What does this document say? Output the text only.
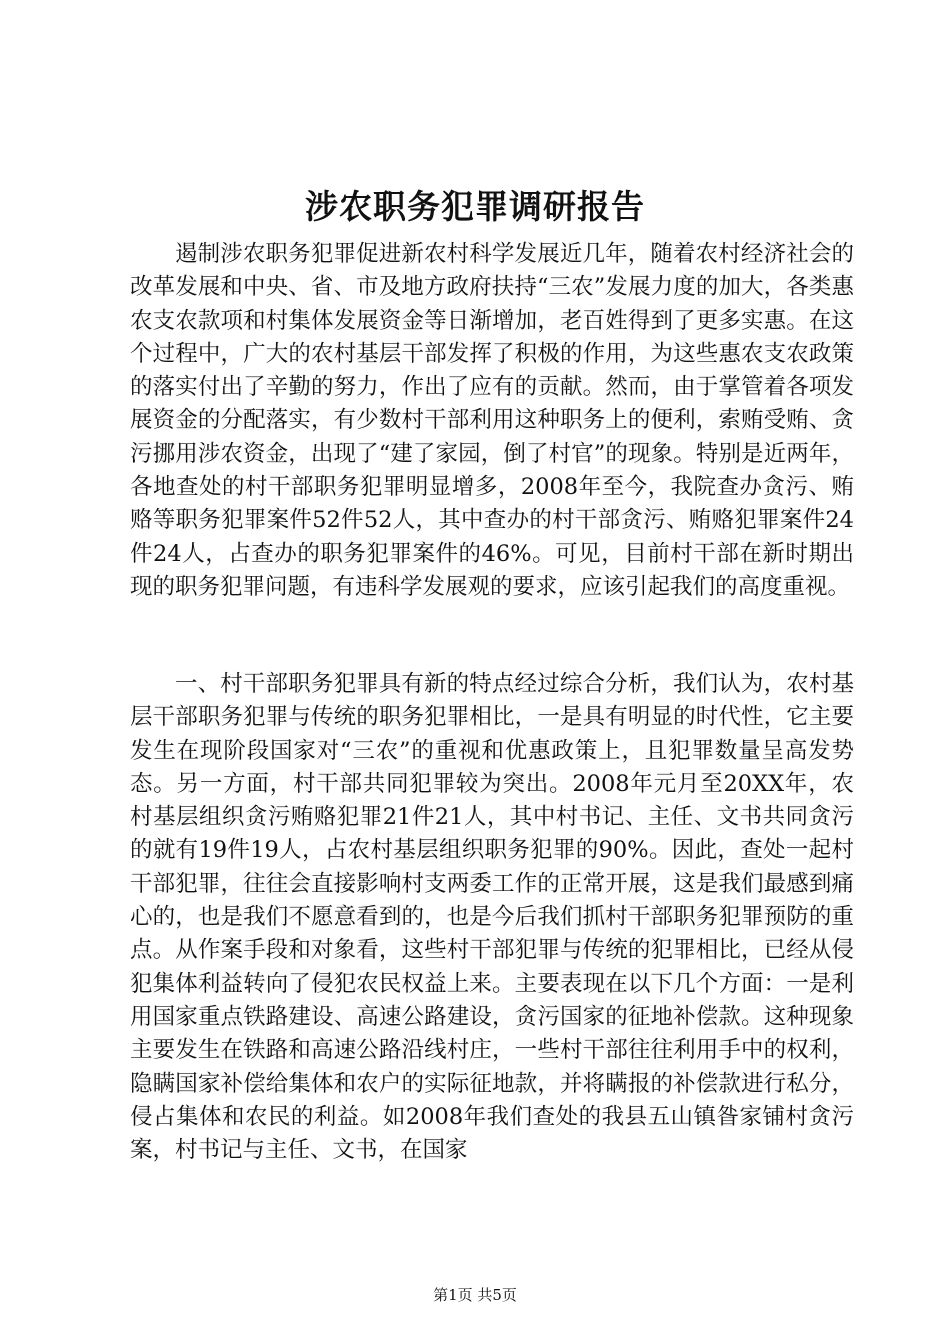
涉农职务犯罪调研报告

遏制涉农职务犯罪促进新农村科学发展近几年，随着农村经济社会的改革发展和中央、省、市及地方政府扶持“三农”发展力度的加大，各类惠农支农款项和村集体发展资金等日渐增加，老百姓得到了更多实惠。在这个过程中，广大的农村基层干部发挥了积极的作用，为这些惠农支农政策的落实付出了辛勤的努力，作出了应有的贡献。然而，由于掌管着各项发展资金的分配落实，有少数村干部利用这种职务上的便利，索贿受贿、贪污挪用涉农资金，出现了“建了家园，倒了村官”的现象。特别是近两年，各地查处的村干部职务犯罪明显增多，2008年至今，我院查办贪污、贿赂等职务犯罪案件52件52人，其中查办的村干部贪污、贿赂犯罪案件24件24人，占查办的职务犯罪案件的46%。可见，目前村干部在新时期出现的职务犯罪问题，有违科学发展观的要求，应该引起我们的高度重视。

一、村干部职务犯罪具有新的特点经过综合分析，我们认为，农村基层干部职务犯罪与传统的职务犯罪相比，一是具有明显的时代性，它主要发生在现阶段国家对“三农”的重视和优惠政策上，且犯罪数量呈高发势态。另一方面，村干部共同犯罪较为突出。2008年元月至20XX年，农村基层组织贪污贿赂犯罪21件21人，其中村书记、主任、文书共同贪污的就有19件19人，占农村基层组织职务犯罪的90%。因此，查处一起村干部犯罪，往往会直接影响村支两委工作的正常开展，这是我们最感到痛心的，也是我们不愿意看到的，也是今后我们抓村干部职务犯罪预防的重点。从作案手段和对象看，这些村干部犯罪与传统的犯罪相比，已经从侵犯集体利益转向了侵犯农民权益上来。主要表现在以下几个方面：一是利用国家重点铁路建设、高速公路建设，贪污国家的征地补偿款。这种现象主要发生在铁路和高速公路沿线村庄，一些村干部往往利用手中的权利，隐瞒国家补偿给集体和农户的实际征地款，并将瞒报的补偿款进行私分，侵占集体和农民的利益。如2008年我们查处的我县五山镇昝家铺村贪污案，村书记与主任、文书，在国家

第1页 共5页
